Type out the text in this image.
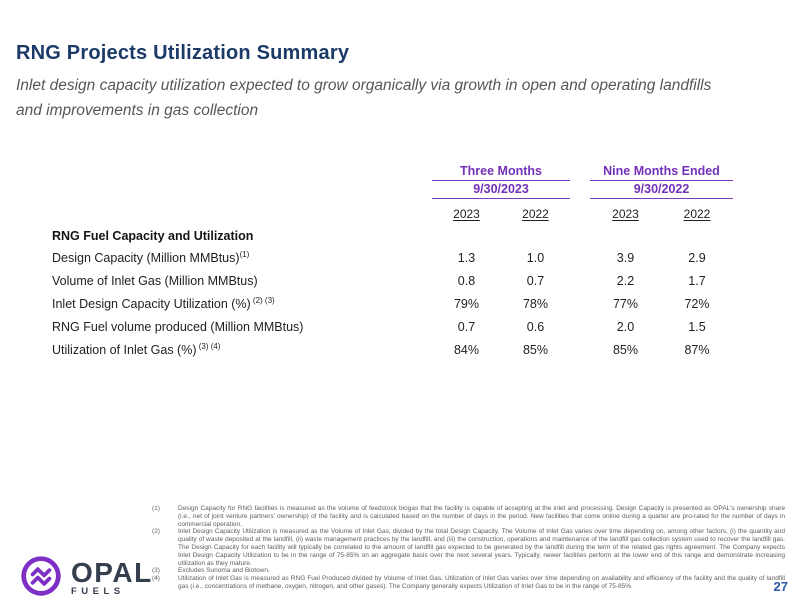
RNG Projects Utilization Summary

Inlet design capacity utilization expected to grow organically via growth in open and operating landfills and improvements in gas collection

Three Months
9/30/2023
Nine Months Ended
9/30/2022
2023	2022	2023	2022
RNG Fuel Capacity and Utilization
Design Capacity (Million MMBtus)$^{(1)}$	1.3	1.0	3.9	2.9
Volume of Inlet Gas (Million MMBtus)	0.8	0.7	2.2	1.7
Inlet Design Capacity Utilization (%) $^{(2) (3)}$	79%	78%	77%	72%
RNG Fuel volume produced (Million MMBtus)	0.7	0.6	2.0	1.5
Utilization of Inlet Gas (%) $^{(3) (4)}$	84%	85%	85%	87%
(1)	Design Capacity for RNG facilities is measured as the volume of feedstock biogas that the facility is capable of accepting at the inlet and processing. Design Capacity is presented as OPAL's ownership share (i.e., net of joint venture partners' ownership) of the facility and is calculated based on the number of days in the period. New facilities that come online during a quarter are pro-rated for the number of days in commercial operation.
(2)	Inlet Design Capacity Utilization is measured as the Volume of Inlet Gas, divided by the total Design Capacity. The Volume of Inlet Gas varies over time depending on, among other factors, (i) the quantity and quality of waste deposited at the landfill, (ii) waste management practices by the landfill, and (iii) the construction, operations and maintenance of the landfill gas collection system used to recover the landfill gas. The Design Capacity for each facility will typically be correlated to the amount of landfill gas expected to be generated by the landfill during the term of the related gas rights agreement. The Company expects Inlet Design Capacity Utilization to be in the range of 75-85% on an aggregate basis over the next several years. Typically, newer facilities perform at the lower end of this range and demonstrate increasing utilization as they mature.
(3)	Excludes Sunoma and Biotown.
(4)	Utilization of Inlet Gas is measured as RNG Fuel Produced divided by Volume of Inlet Gas. Utilization of Inlet Gas varies over time depending on availability and efficiency of the facility and the quality of landfill gas (i.e., concentrations of methane, oxygen, nitrogen, and other gases). The Company generally expects Utilization of Inlet Gas to be in the range of 75-85%.
OPAL
FUELS	27
